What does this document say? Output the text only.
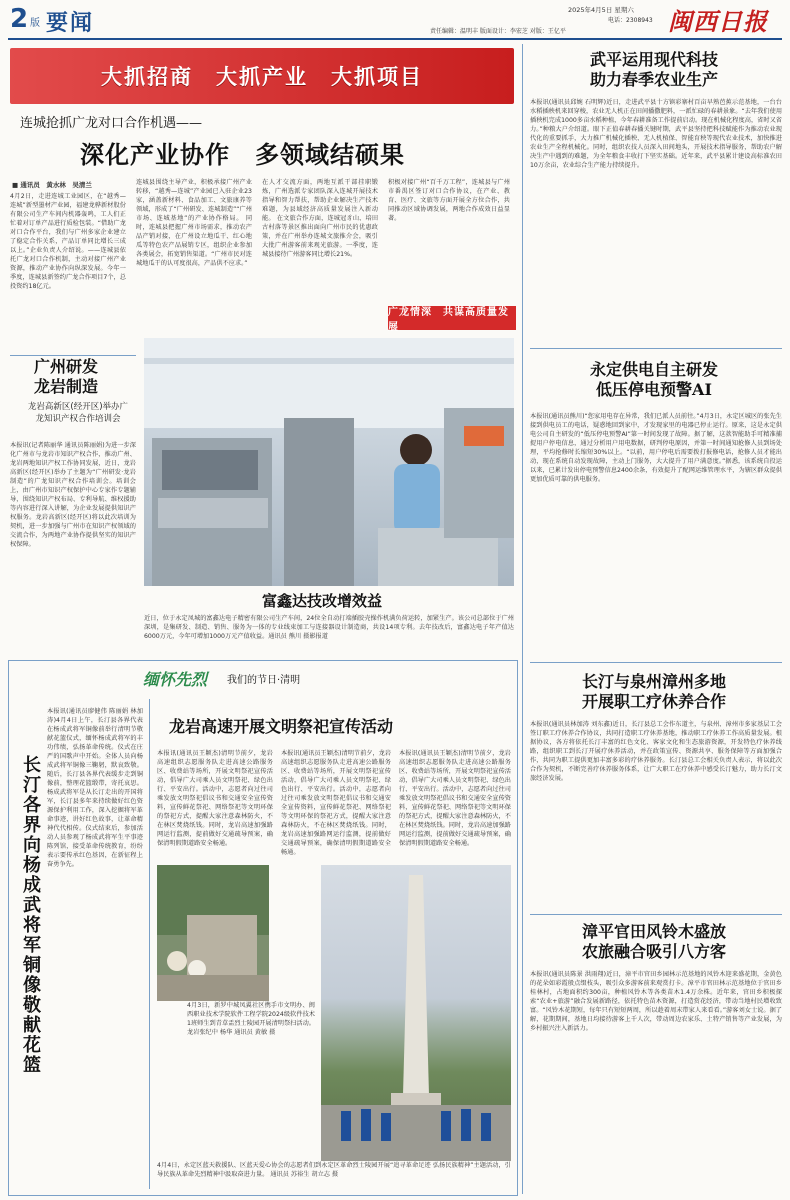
2 版 要闻
2025年4月5日 星期六
电话：2308943
责任编辑：温明丰 版面设计：李宏芝 对版：王亿平	闽西日报
大抓招商　大抓产业　大抓项目
连城抢抓广龙对口合作机遇——
深化产业协作　多领域结硕果
■ 通讯员　黄水林　吴清兰
4月2日，走进连城工业园区，在“越秀—连城”新型墨材产业园，福建龙骅新材股份有限公司生产车间内机器轰鸣，工人们正忙着对订单产品进行质检包装。“借助广龙对口合作平台，我们与广州多家企业建立了稳定合作关系，产品订单同比增长三成以上。”企业负责人介绍说。——连城县依托广龙对口合作机制，主动对接广州产业资源，推动产业协作向纵深发展。今年一季度，连城县新签约广龙合作项目7个，总投资约18亿元。
连城县围绕主导产业，积极承接广州产业转移，“越秀—连城”产业园已入驻企业23家，涵盖新材料、食品加工、文旅康养等领域，形成了“广州研发、连城制造”“广州市场、连城基地”的产业协作格局。 同时，连城县把握广州市场需求，推动农产品产销对接，在广州设立地瓜干、红心地瓜等特色农产品展销专区，组织企业参加各类展会，拓宽销售渠道。“广州市民对连城地瓜干的认可度很高，产品供不应求。”
在人才交流方面，两地互派干部挂职锻炼，广州选派专家团队深入连城开展技术指导和智力帮扶，帮助企业解决生产技术难题，为县域经济高质量发展注入新动能。 在文旅合作方面，连城冠豸山、培田古村落等景区推出面向广州市民的优惠政策，并在广州举办连城文旅推介会，吸引大批广州游客前来观光旅游。一季度，连城县接待广州游客同比增长21%。
积极对接广州“百千万工程”，连城县与广州市番禺区签订对口合作协议，在产业、教育、医疗、文旅等方面开展全方位合作，共同推动区域协调发展，两地合作成效日益显著。
广龙情深　共谋高质量发展
广州研发
龙岩制造
龙岩高新区(经开区)举办广龙知识产权合作培训会
本报讯(记者陈丽华 通讯员陈丽娟)为进一步深化广州市与龙岩市知识产权合作，推动广州、龙岩两地知识产权工作协同发展，近日，龙岩高新区(经开区)举办了主题为“广州研发·龙岩制造”的广龙知识产权合作培训会。培训会上，由广州市知识产权保护中心专家作专题辅导，围绕知识产权布局、专利导航、维权援助等内容进行深入讲解，为企业发展提供知识产权服务。龙岩高新区(经开区)将以此次培训为契机，进一步加强与广州市在知识产权领域的交流合作，为两地产业协作提供坚实的知识产权保障。
富鑫达技改增效益
近日，位于永定凤城的富鑫达电子精密有限公司生产车间，24位全自动打端插胶壳操作机满负荷运转，加紧生产。该公司总部位于广州深圳，是集研发、制造、销售、服务为一体的专业线束加工与连接器设计制造商，共设14项专利。去年技改后，富鑫达电子年产值达6000万元，今年可增加1000万元产值收益。通讯员 熊川 摄影报道
缅怀先烈 我们的节日·清明
长汀各界向杨成武将军铜像敬献花篮
本报讯(通讯员廖健伟 陈丽娟 林加涛)4月4日上午，长汀县各界代表在杨成武将军铜像前举行清明节敬献花篮仪式，缅怀杨成武将军的丰功伟绩，弘扬革命传统。仪式在庄严的国歌声中开始。全体人员向杨成武将军铜像三鞠躬，默哀致敬。随后，长汀县各界代表缓步走到铜像前，整理花篮缎带，寄托哀思。杨成武将军是从长汀走出的开国将军，长汀县多年来持续做好红色资源保护利用工作，深入挖掘将军革命事迹，讲好红色故事，让革命精神代代相传。仪式结束后，参加活动人员参观了杨成武将军生平事迹陈列馆，接受革命传统教育，纷纷表示要传承红色基因，在新征程上奋勇争先。
龙岩高速开展文明祭祀宣传活动
本报讯(通讯员王颖杰)清明节前夕，龙岩高速组织志愿服务队走进高速公路服务区、收费站等场所，开展文明祭祀宣传活动，倡导广大司乘人员文明祭祀、绿色出行、平安出行。活动中，志愿者向过往司乘发放文明祭祀倡议书和交通安全宣传资料，宣传鲜花祭祀、网络祭祀等文明环保的祭祀方式，提醒大家注意森林防火，不在林区焚烧纸钱。同时，龙岩高速加强路网运行监测，提前做好交通疏导预案，确保清明假期道路安全畅通。
本报讯(通讯员王颖杰)清明节前夕，龙岩高速组织志愿服务队走进高速公路服务区、收费站等场所，开展文明祭祀宣传活动，倡导广大司乘人员文明祭祀、绿色出行、平安出行。活动中，志愿者向过往司乘发放文明祭祀倡议书和交通安全宣传资料，宣传鲜花祭祀、网络祭祀等文明环保的祭祀方式，提醒大家注意森林防火，不在林区焚烧纸钱。同时，龙岩高速加强路网运行监测，提前做好交通疏导预案，确保清明假期道路安全畅通。
本报讯(通讯员王颖杰)清明节前夕，龙岩高速组织志愿服务队走进高速公路服务区、收费站等场所，开展文明祭祀宣传活动，倡导广大司乘人员文明祭祀、绿色出行、平安出行。活动中，志愿者向过往司乘发放文明祭祀倡议书和交通安全宣传资料，宣传鲜花祭祀、网络祭祀等文明环保的祭祀方式，提醒大家注意森林防火，不在林区焚烧纸钱。同时，龙岩高速加强路网运行监测，提前做好交通疏导预案，确保清明假期道路安全畅通。
4月3日，新罗中城凤翼社区携手市文明办、闽西职业技术学院软件工程学院2024级软件技术1班师生到青草盂烈士陵园开展清明祭扫活动。 龙岩张纪中 杨华 通讯员 黄敏 摄
4月4日，永定区蓝天救援队、区蓝天爱心协会的志愿者们到永定区革命烈士陵园开展“追寻革命足迹 弘扬民族精神”主题活动，引导民族从革命先烈精神中汲取奋进力量。 通讯员 苏裕生 胡立志 摄
武平运用现代科技
助力春季农业生产
本报讯(通讯员邱婉 石明辉)近日，走进武平县十方镇彩寨村百亩早熟芭蕉示范基地，一台台水稻插秧机来回穿梭，农业无人机正在田间播撒肥料，一派忙碌的春耕景象。“去年我们使用插秧机完成1000多亩水稻种植，今年春耕准备工作提前启动。现在机械化程度高，省时又省力。”种粮大户介绍道。眼下正值春耕春播关键时期，武平县坚持把科技赋能作为推动农业现代化的重要抓手，大力推广机械化插秧、无人机植保、智能育秧等现代农业技术，加快推进农业生产全程机械化。同时，组织农技人员深入田间地头，开展技术指导服务，帮助农户解决生产中遇到的难题，为全年粮食丰收打下坚实基础。近年来，武平县累计建设高标准农田10万余亩，农业综合生产能力持续提升。
永定供电自主研发
低压停电预警AI
本报讯(通讯员熊川)“您家用电存在异常，我们已派人员前往。”4月3日，永定区城区的张先生接到供电员工的电话，疑惑地回到家中，才发现家里的电器已停止运行。原来，这是永定供电公司自主研发的“低压停电预警AI”第一时间发现了故障。据了解，这款智能助手可精准捕捉用户停电信息，通过分析用户用电数据，研判停电原因，并第一时间通知抢修人员到场处理，平均抢修时长缩短30%以上。“以前，用户停电后需要拨打报修电话，抢修人员才能出动，现在系统自动发现故障，主动上门服务，大大提升了用户满意度。”据悉，该系统自投运以来，已累计发出停电预警信息2400余条，有效提升了配网运维管理水平，为辖区群众提供更加优质可靠的供电服务。
长汀与泉州漳州多地
开展职工疗休养合作
本报讯(通讯员林加涛 刘东鑫)近日，长汀县总工会作东道主，与泉州、漳州市多家基层工会签订职工疗休养合作协议，共同打造职工疗休养基地，推动职工疗休养工作高质量发展。根据协议，各方将依托长汀丰富的红色文化、客家文化和生态旅游资源，开发特色疗休养线路，组织职工到长汀开展疗休养活动，并在政策宣传、资源共享、服务保障等方面加强合作，共同为职工提供更加丰富多彩的疗休养服务。长汀县总工会相关负责人表示，将以此次合作为契机，不断完善疗休养服务体系，让广大职工在疗休养中感受长汀魅力，助力长汀文旅经济发展。
漳平官田风铃木盛放
农旅融合吸引八方客
本报讯(通讯员陈景 洪雨翔)近日，漳平市官田乡园林示范基地的风铃木迎来盛花期，金黄色的花朵如彩霞般点缀枝头，吸引众多游客前来观赏打卡。漳平市官田林示范基地位于官田乡桂林村，占地面积约300亩，种植风铃木等各类苗木1.4万余株。近年来，官田乡积极探索“农业+旅游”融合发展新路径，依托特色苗木资源，打造赏花经济，带动当地村民增收致富。“风铃木花期短，每年只有短短两周，所以趁着周末带家人来看看。”游客刘女士说。据了解，花期期间，基地日均接待游客上千人次，带动周边农家乐、土特产销售等产业发展，为乡村振兴注入新活力。
